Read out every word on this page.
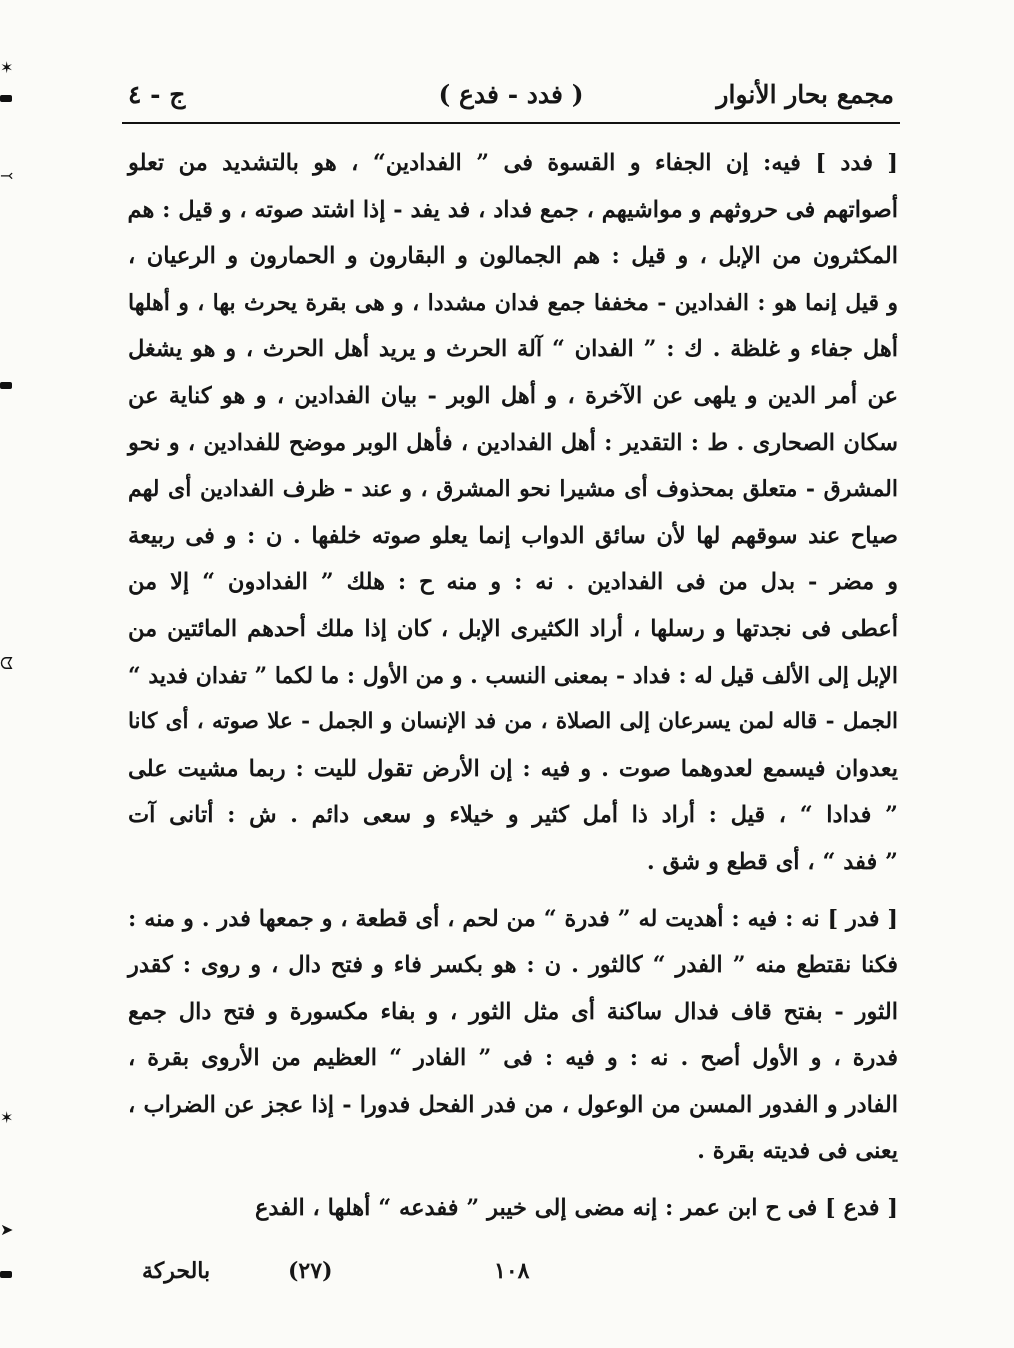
✶
⤙
ᗧ
✶
➤
مجمع بحار الأنوار
( فدد - فدع )
ج - ٤
[ فدد ] فيه: إن الجفاء و القسوة فى ” الفدادين“ ، هو بالتشديد من تعلو
أصواتهم فى حروثهم و مواشيهم ، جمع فداد ، فد يفد - إذا اشتد صوته ، و قيل : هم
المكثرون من الإبل ، و قيل : هم الجمالون و البقارون و الحمارون و الرعيان ،
و قيل إنما هو : الفدادين - مخففا جمع فدان مشددا ، و هى بقرة يحرث بها ، و أهلها
أهل جفاء و غلظة . ك : ” الفدان “ آلة الحرث و يريد أهل الحرث ، و هو يشغل
عن أمر الدين و يلهى عن الآخرة ، و أهل الوبر - بيان الفدادين ، و هو كناية عن
سكان الصحارى . ط : التقدير : أهل الفدادين ، فأهل الوبر موضح للفدادين ، و نحو
المشرق - متعلق بمحذوف أى مشيرا نحو المشرق ، و عند - ظرف الفدادين أى لهم
صياح عند سوقهم لها لأن سائق الدواب إنما يعلو صوته خلفها . ن : و فى ربيعة
و مضر - بدل من فى الفدادين . نه : و منه ح : هلك ” الفدادون “ إلا من
أعطى فى نجدتها و رسلها ، أراد الكثيرى الإبل ، كان إذا ملك أحدهم المائتين من
الإبل إلى الألف قيل له : فداد - بمعنى النسب . و من الأول : ما لكما ” تفدان فديد “
الجمل - قاله لمن يسرعان إلى الصلاة ، من فد الإنسان و الجمل - علا صوته ، أى كانا
يعدوان فيسمع لعدوهما صوت . و فيه : إن الأرض تقول لليت : ربما مشيت على
” فدادا “ ، قيل : أراد ذا أمل كثير و خيلاء و سعى دائم . ش : أتانى آت
” ففد “ ، أى قطع و شق .
[ فدر ] نه : فيه : أهديت له ” فدرة “ من لحم ، أى قطعة ، و جمعها فدر . و منه :
فكنا نقتطع منه ” الفدر “ كالثور . ن : هو بكسر فاء و فتح دال ، و روى : كقدر
الثور - بفتح قاف فدال ساكنة أى مثل الثور ، و بفاء مكسورة و فتح دال جمع
فدرة ، و الأول أصح . نه : و فيه : فى ” الفادر “ العظيم من الأروى بقرة ،
الفادر و الفدور المسن من الوعول ، من فدر الفحل فدورا - إذا عجز عن الضراب ،
يعنى فى فديته بقرة .
[ فدع ] فى ح ابن عمر : إنه مضى إلى خيبر ” ففدعه “ أهلها ، الفدع
١٠٨
(٢٧)
بالحركة
